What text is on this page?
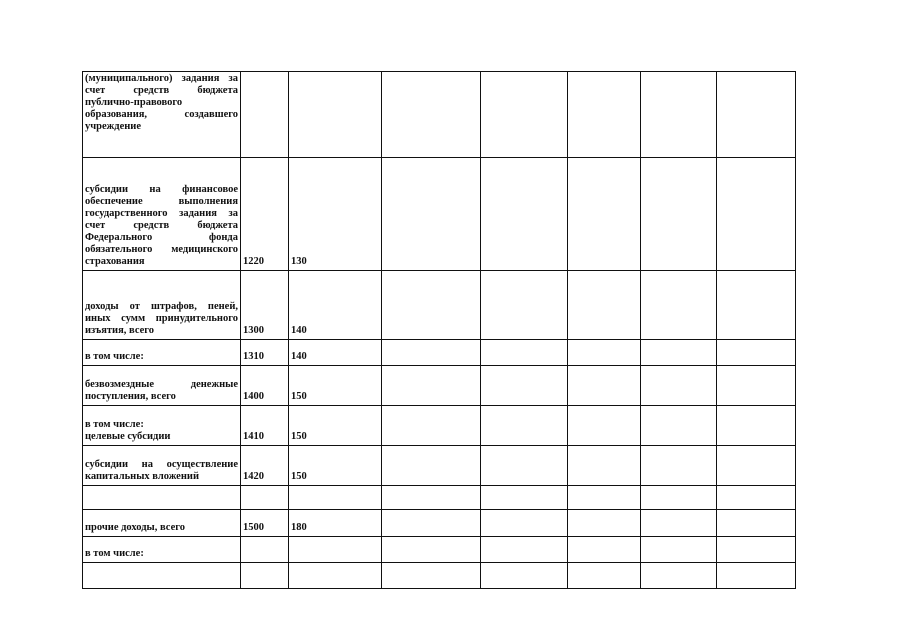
(муниципального) задания за счет средств бюджета публично-правового образования, создавшего учреждение							
субсидии на финансовое обеспечение выполнения государственного задания за счет средств бюджета Федерального фонда обязательного медицинского страхования	1220	130					
доходы от штрафов, пеней, иных сумм принудительного изъятия, всего	1300	140					
в том числе:	1310	140					
безвозмездные денежные поступления, всего	1400	150					
в том числе:
целевые субсидии	1410	150					
субсидии на осуществление капитальных вложений	1420	150					

прочие доходы, всего	1500	180					
в том числе:							
